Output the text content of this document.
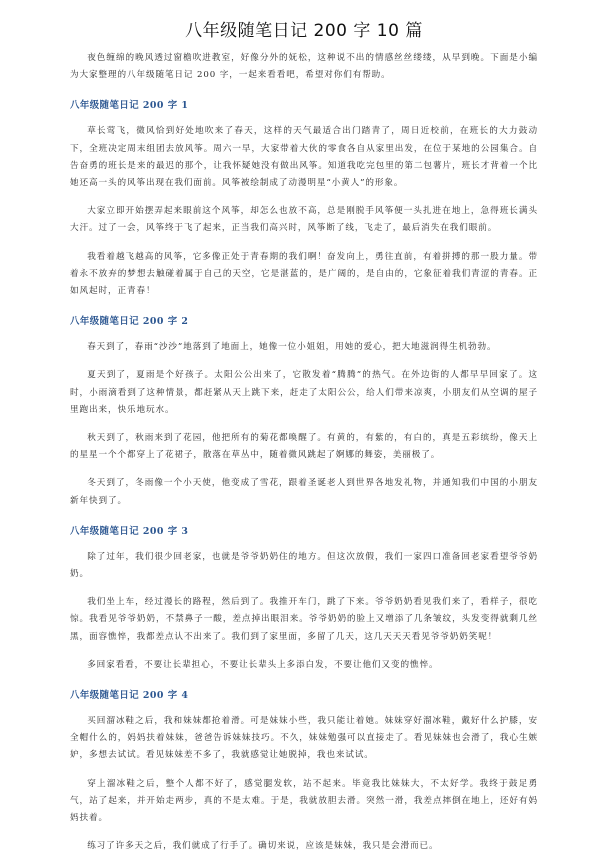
八年级随笔日记 200 字 10 篇

夜色缠绵的晚风透过窗檐吹进教室，好像分外的妩松，这种说不出的情感丝丝缕缕，从早到晚。下面是小编为大家整理的八年级随笔日记 200 字，一起来看看吧，希望对你们有帮助。

八年级随笔日记 200 字 1

草长莺飞，微风恰到好处地吹来了春天，这样的天气最适合出门踏青了，周日近校前，在班长的大力鼓动下，全班决定周末组团去放风筝。周六一早，大家带着大伙的零食各自从家里出发，在位于某地的公园集合。自告奋勇的班长是来的最迟的那个，让我怀疑她没有做出风筝。知道我吃完包里的第二包薯片，班长才背着一个比她还高一头的风筝出现在我们面前。风筝被绘制成了动漫明星“小黄人”的形象。

大家立即开始摆弄起来眼前这个风筝，却怎么也放不高，总是刚脱手风筝便一头扎进在地上，急得班长满头大汗。过了一会，风筝终于飞了起来，正当我们高兴时，风筝断了线，飞走了，最后消失在我们眼前。

我看着越飞越高的风筝，它多像正处于青春期的我们啊！奋发向上，勇往直前，有着拼搏的那一股力量。带着永不放弃的梦想去触碰着属于自己的天空，它是湛蓝的，是广阔的，是自由的，它象征着我们青涩的青春。正如风起时，正青春！

八年级随笔日记 200 字 2

春天到了，春雨“沙沙”地落到了地面上，她像一位小姐姐，用她的爱心，把大地滋润得生机勃勃。

夏天到了，夏雨是个好孩子。太阳公公出来了，它散发着“腾腾”的热气。在外边街的人都早早回家了。这时，小雨滴看到了这种情景，都赶紧从天上跳下来，赶走了太阳公公，给人们带来凉爽，小朋友们从空调的屋子里跑出来，快乐地玩水。

秋天到了，秋雨来到了花园，他把所有的菊花都唤醒了。有黄的，有紫的，有白的，真是五彩缤纷，像天上的星星一个个都穿上了花裙子，散落在草丛中，随着微风跳起了婀娜的舞姿，美丽极了。

冬天到了，冬雨像一个小天使，他变成了雪花，跟着圣诞老人到世界各地发礼物，并通知我们中国的小朋友新年快到了。

八年级随笔日记 200 字 3

除了过年，我们很少回老家，也就是爷爷奶奶住的地方。但这次放假，我们一家四口准备回老家看望爷爷奶奶。

我们坐上车，经过漫长的路程，然后到了。我推开车门，跳了下来。爷爷奶奶看见我们来了，看样子，很吃惊。我看见爷爷奶奶，不禁鼻子一酸，差点掉出眼泪来。爷爷奶奶的脸上又增添了几条皱纹，头发变得就剩几丝黑，面容憔悴，我都差点认不出来了。我们到了家里面，多留了几天，这几天天天看见爷爷奶奶笑呢！

多回家看看，不要让长辈担心，不要让长辈头上多添白发，不要让他们又变的憔悴。

八年级随笔日记 200 字 4

买回溜冰鞋之后，我和妹妹都抢着滑。可是妹妹小些，我只能让着她。妹妹穿好溜冰鞋，戴好什么护膝，安全帽什么的，妈妈扶着妹妹，爸爸告诉妹妹技巧。不久，妹妹勉强可以直接走了。看见妹妹也会滑了，我心生嫉妒，多想去试试。看见妹妹差不多了，我就感觉让她脱掉，我也来试试。

穿上溜冰鞋之后，整个人都不好了，感觉腿发软，站不起来。毕竟我比妹妹大，不太好学。我终于鼓足勇气，站了起来，并开始走两步，真的不是太难。于是，我就放胆去滑。突然一滑，我差点摔倒在地上，还好有妈妈扶着。

练习了许多天之后，我们就成了行手了。确切来说，应该是妹妹，我只是会滑而已。
